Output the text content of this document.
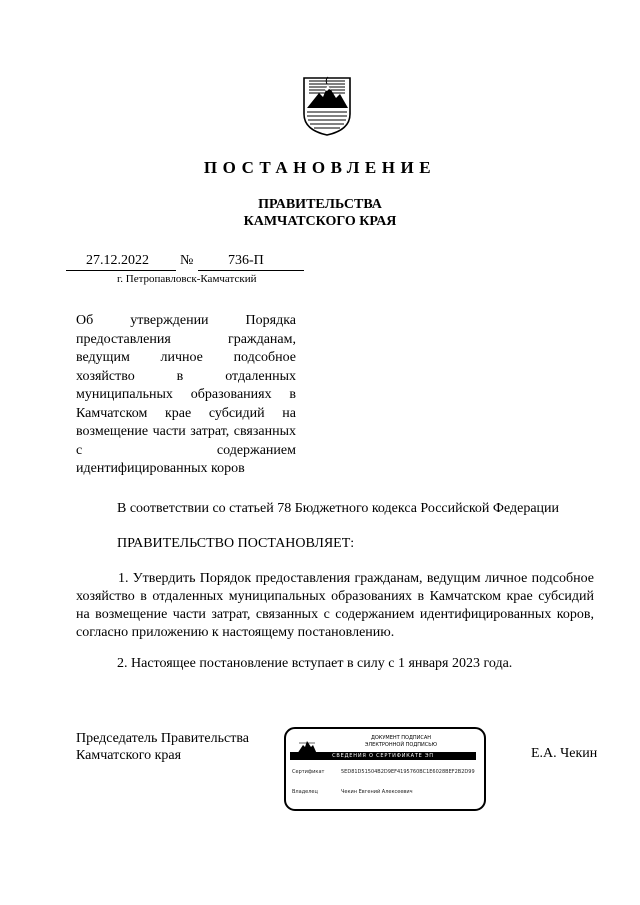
ПОСТАНОВЛЕНИЕ
ПРАВИТЕЛЬСТВА
КАМЧАТСКОГО КРАЯ
27.12.2022 № 736-П
г. Петропавловск-Камчатский
Об утверждении Порядка предоставления гражданам, ведущим личное подсобное хозяйство в отдаленных муниципальных образованиях в Камчатском крае субсидий на возмещение части затрат, связанных с содержанием идентифицированных коров
В соответствии со статьей 78 Бюджетного кодекса Российской Федерации
ПРАВИТЕЛЬСТВО ПОСТАНОВЛЯЕТ:
1. Утвердить Порядок предоставления гражданам, ведущим личное подсобное хозяйство в отдаленных муниципальных образованиях в Камчатском крае субсидий на возмещение части затрат, связанных с содержанием идентифицированных коров, согласно приложению к настоящему постановлению.
2. Настоящее постановление вступает в силу с 1 января 2023 года.
Председатель Правительства
Камчатского края	Е.А. Чекин
ДОКУМЕНТ ПОДПИСАН
ЭЛЕКТРОННОЙ ПОДПИСЬЮ
СВЕДЕНИЯ О СЕРТИФИКАТЕ ЭП
Сертификат	5ED81D51504B2D9EF4195760BC1E6028BEF2B2D99
Владелец	Чекин Евгений Алексеевич
